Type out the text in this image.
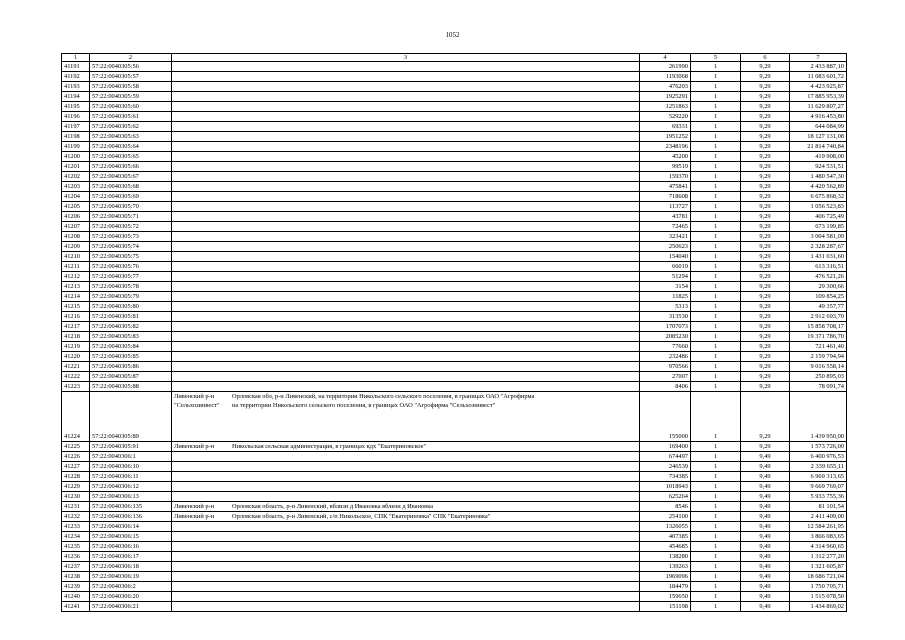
1052
1	2	3	4	5	6	7
41191	57:22:0040305:56		261990	1	9,29	2 433 887,10
41192	57:22:0040305:57		1193068	1	9,29	11 083 601,72
41193	57:22:0040305:58		476203	1	9,29	4 423 925,87
41194	57:22:0040305:59		1925291	1	9,29	17 885 953,39
41195	57:22:0040305:60		1251863	1	9,29	11 629 807,27
41196	57:22:0040305:61		529220	1	9,29	4 916 453,80
41197	57:22:0040305:62		69331	1	9,29	644 084,99
41198	57:22:0040305:63		1951252	1	9,29	18 127 131,08
41199	57:22:0040305:64		2348196	1	9,29	21 814 740,84
41200	57:22:0040305:65		45200	1	9,29	419 908,00
41201	57:22:0040305:66		99519	1	9,29	924 531,51
41202	57:22:0040305:67		159370	1	9,29	1 480 547,30
41203	57:22:0040305:68		475841	1	9,29	4 420 562,89
41204	57:22:0040305:69		718608	1	9,29	6 675 868,32
41205	57:22:0040305:70		113727	1	9,29	1 056 523,83
41206	57:22:0040305:71		43781	1	9,29	406 725,49
41207	57:22:0040305:72		72465	1	9,29	673 199,85
41208	57:22:0040305:73		323421	1	9,29	3 004 581,09
41209	57:22:0040305:74		250623	1	9,29	2 328 287,67
41210	57:22:0040305:75		154040	1	9,29	1 431 031,60
41211	57:22:0040305:76		66019	1	9,29	613 316,51
41212	57:22:0040305:77		51294	1	9,29	476 521,26
41213	57:22:0040305:78		3154	1	9,29	29 300,66
41214	57:22:0040305:79		11825	1	9,29	109 854,25
41215	57:22:0040305:80		5313	1	9,29	49 357,77
41216	57:22:0040305:81		313530	1	9,29	2 912 693,70
41217	57:22:0040305:82		1707073	1	9,29	15 858 708,17
41218	57:22:0040305:83		2085230	1	9,29	19 371 786,70
41219	57:22:0040305:84		77660	1	9,29	721 461,40
41220	57:22:0040305:85		232486	1	9,29	2 159 794,94
41221	57:22:0040305:86		970566	1	9,29	9 016 558,14
41222	57:22:0040305:87		27007	1	9,29	250 895,03
41223	57:22:0040305:88		8406	1	9,29	78 091,74
41224	57:22:0040305:89	Ливенский р-н Орловская обл, р-н Ливенский, на территории Никольского сельского поселения, в границах ОАО "Агрофирма
"Сельхозинвест" на территории Никольского сельского поселения, в границах ОАО "Агрофирма "Сельхозинвест"	155000	1	9,29	1 439 950,00
41225	57:22:0040305:91	Ливенский р-н Никольская сельская администрация, в границах кдх "Екатериновское"	169400	1	9,29	1 573 726,00
41226	57:22:0040306:1		674497	1	9,49	6 400 976,53
41227	57:22:0040306:10		246539	1	9,49	2 339 655,11
41228	57:22:0040306:11		734385	1	9,49	6 969 313,65
41229	57:22:0040306:12		1018943	1	9,49	9 669 769,07
41230	57:22:0040306:13		625264	1	9,49	5 933 755,36
41231	57:22:0040306:135	Ливенский р-н Орловская область, р-н Ливенский, вблизи д Ивановка вблизи д Ивановка	8546	1	9,49	81 101,54
41232	57:22:0040306:136	Ливенский р-н Орловская область, р-н Ливенский, с/п Никольское, СПК "Екатериновка" СПК "Екатериновка"	254100	1	9,49	2 411 409,00
41233	57:22:0040306:14		1326055	1	9,49	12 584 261,95
41234	57:22:0040306:15		407385	1	9,49	3 866 083,65
41235	57:22:0040306:16		454685	1	9,49	4 314 960,65
41236	57:22:0040306:17		138280	1	9,49	1 312 277,20
41237	57:22:0040306:18		139263	1	9,49	1 321 605,87
41238	57:22:0040306:19		1969096	1	9,49	18 686 721,04
41239	57:22:0040306:2		184479	1	9,49	1 750 705,71
41240	57:22:0040306:20		159650	1	9,49	1 515 078,50
41241	57:22:0040306:21		151198	1	9,49	1 434 869,02
